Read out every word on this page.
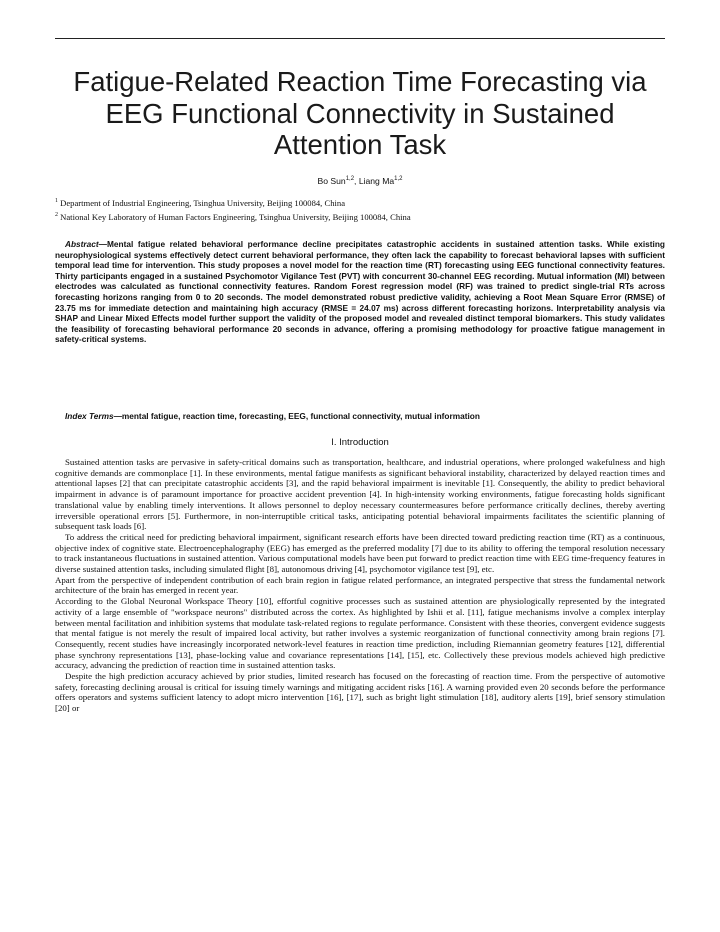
Fatigue-Related Reaction Time Forecasting via EEG Functional Connectivity in Sustained Attention Task
Bo Sun$^{1,2}$, Liang Ma$^{1,2}$
$^1$ Department of Industrial Engineering, Tsinghua University, Beijing 100084, China
$^2$ National Key Laboratory of Human Factors Engineering, Tsinghua University, Beijing 100084, China

Abstract—Mental fatigue related behavioral performance decline precipitates catastrophic accidents in sustained attention tasks. While existing neurophysiological systems effectively detect current behavioral performance, they often lack the capability to forecast behavioral lapses with sufficient temporal lead time for intervention. This study proposes a novel model for the reaction time (RT) forecasting using EEG functional connectivity features. Thirty participants engaged in a sustained Psychomotor Vigilance Test (PVT) with concurrent 30-channel EEG recording. Mutual information (MI) between electrodes was calculated as functional connectivity features. Random Forest regression model (RF) was trained to predict single-trial RTs across forecasting horizons ranging from 0 to 20 seconds. The model demonstrated robust predictive validity, achieving a Root Mean Square Error (RMSE) of 23.75 ms for immediate detection and maintaining high accuracy (RMSE = 24.07 ms) across different forecasting horizons. Interpretability analysis via SHAP and Linear Mixed Effects model further support the validity of the proposed model and revealed distinct temporal biomarkers. This study validates the feasibility of forecasting behavioral performance 20 seconds in advance, offering a promising methodology for proactive fatigue management in safety-critical systems.

Index Terms—mental fatigue, reaction time, forecasting, EEG, functional connectivity, mutual information

I. Introduction

Sustained attention tasks are pervasive in safety-critical domains such as transportation, healthcare, and industrial operations, where prolonged wakefulness and high cognitive demands are commonplace [1]. In these environments, mental fatigue manifests as significant behavioral instability, characterized by delayed reaction times and attentional lapses [2] that can precipitate catastrophic accidents [3], and the rapid behavioral impairment is inevitable [1]. Consequently, the ability to predict behavioral impairment in advance is of paramount importance for proactive accident prevention [4]. In high-intensity working environments, fatigue forecasting holds significant translational value by enabling timely interventions. It allows personnel to deploy necessary countermeasures before performance critically declines, thereby averting irreversible operational errors [5]. Furthermore, in non-interruptible critical tasks, anticipating potential behavioral impairments facilitates the scientific planning of subsequent task loads [6].

To address the critical need for predicting behavioral impairment, significant research efforts have been directed toward predicting reaction time (RT) as a continuous, objective index of cognitive state. Electroencephalography (EEG) has emerged as the preferred modality [7] due to its ability to offering the temporal resolution necessary to track instantaneous fluctuations in sustained attention. Various computational models have been put forward to predict reaction time with EEG time-frequency features in diverse sustained attention tasks, including simulated flight [8], autonomous driving [4], psychomotor vigilance test [9], etc.

Apart from the perspective of independent contribution of each brain region in fatigue related performance, an integrated perspective that stress the fundamental network architecture of the brain has emerged in recent year.

According to the Global Neuronal Workspace Theory [10], effortful cognitive processes such as sustained attention are physiologically represented by the integrated activity of a large ensemble of "workspace neurons" distributed across the cortex. As highlighted by Ishii et al. [11], fatigue mechanisms involve a complex interplay between mental facilitation and inhibition systems that modulate task-related regions to regulate performance. Consistent with these theories, convergent evidence suggests that mental fatigue is not merely the result of impaired local activity, but rather involves a systemic reorganization of functional connectivity among brain regions [7]. Consequently, recent studies have increasingly incorporated network-level features in reaction time prediction, including Riemannian geometry features [12], differential phase synchrony representations [13], phase-locking value and covariance representations [14], [15], etc. Collectively these previous models achieved high predictive accuracy, advancing the prediction of reaction time in sustained attention tasks.

Despite the high prediction accuracy achieved by prior studies, limited research has focused on the forecasting of reaction time. From the perspective of automotive safety, forecasting declining arousal is critical for issuing timely warnings and mitigating accident risks [16]. A warning provided even 20 seconds before the performance offers operators and systems sufficient latency to adopt micro intervention [16], [17], such as bright light stimulation [18], auditory alerts [19], brief sensory stimulation [20] or
